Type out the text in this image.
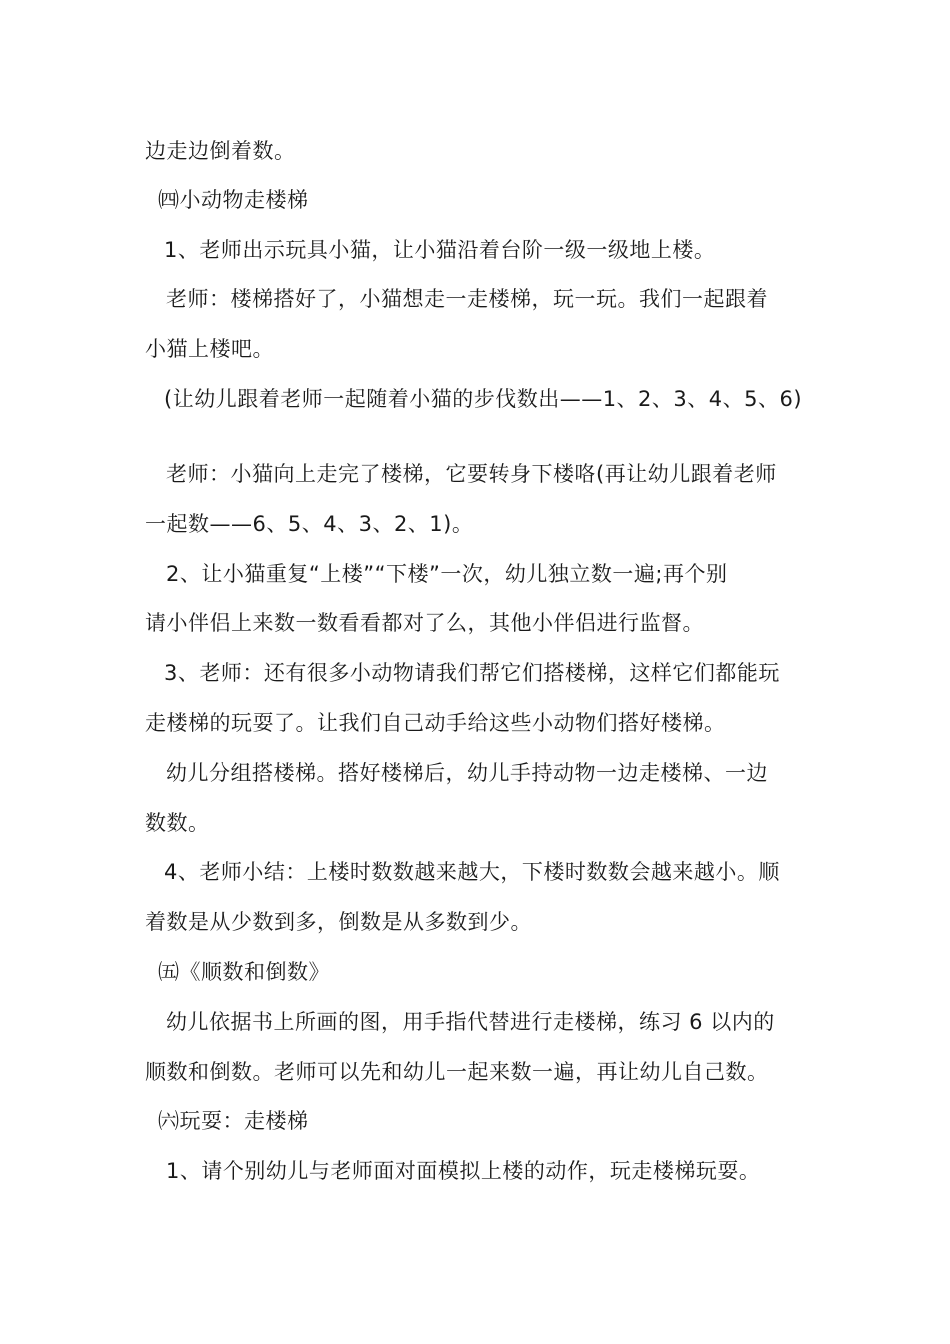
边走边倒着数。
㈣小动物走楼梯
1、老师出示玩具小猫，让小猫沿着台阶一级一级地上楼。
老师：楼梯搭好了，小猫想走一走楼梯，玩一玩。我们一起跟着
小猫上楼吧。
(让幼儿跟着老师一起随着小猫的步伐数出——1、2、3、4、5、6)
老师：小猫向上走完了楼梯，它要转身下楼咯(再让幼儿跟着老师
一起数——6、5、4、3、2、1)。
2、让小猫重复“上楼”“下楼”一次，幼儿独立数一遍;再个别
请小伴侣上来数一数看看都对了么，其他小伴侣进行监督。
3、老师：还有很多小动物请我们帮它们搭楼梯，这样它们都能玩
走楼梯的玩耍了。让我们自己动手给这些小动物们搭好楼梯。
幼儿分组搭楼梯。搭好楼梯后，幼儿手持动物一边走楼梯、一边
数数。
4、老师小结：上楼时数数越来越大，下楼时数数会越来越小。顺
着数是从少数到多，倒数是从多数到少。
㈤《顺数和倒数》
幼儿依据书上所画的图，用手指代替进行走楼梯，练习 6 以内的
顺数和倒数。老师可以先和幼儿一起来数一遍，再让幼儿自己数。
㈥玩耍：走楼梯
1、请个别幼儿与老师面对面模拟上楼的动作，玩走楼梯玩耍。
